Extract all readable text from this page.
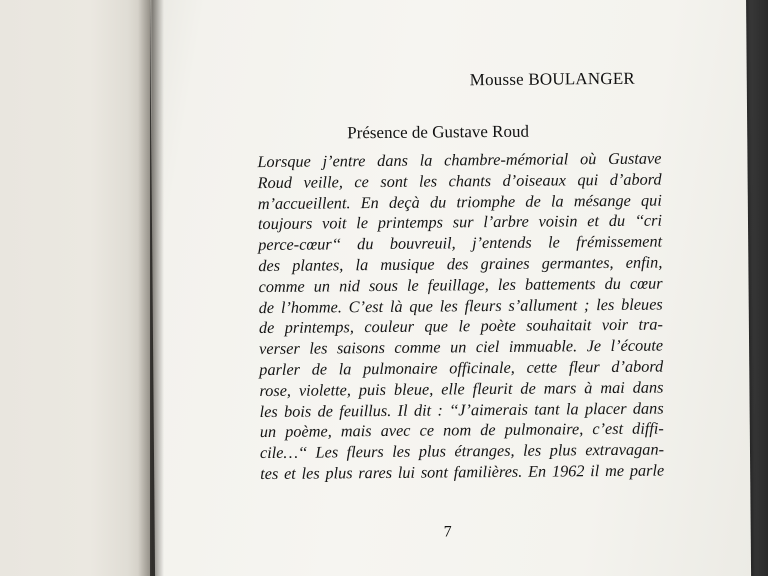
Mousse BOULANGER
Présence de Gustave Roud
Lorsque j’entre dans la chambre-mémorial où Gustave
Roud veille, ce sont les chants d’oiseaux qui d’abord
m’accueillent. En deçà du triomphe de la mésange qui
toujours voit le printemps sur l’arbre voisin et du ‘‘cri
perce-cœur‘‘ du bouvreuil, j’entends le frémissement
des plantes, la musique des graines germantes, enfin,
comme un nid sous le feuillage, les battements du cœur
de l’homme. C’est là que les fleurs s’allument ; les bleues
de printemps, couleur que le poète souhaitait voir tra-
verser les saisons comme un ciel immuable. Je l’écoute
parler de la pulmonaire officinale, cette fleur d’abord
rose, violette, puis bleue, elle fleurit de mars à mai dans
les bois de feuillus. Il dit : ‘‘J’aimerais tant la placer dans
un poème, mais avec ce nom de pulmonaire, c’est diffi-
cile…‘‘ Les fleurs les plus étranges, les plus extravagan-
tes et les plus rares lui sont familières. En 1962 il me parle
7
